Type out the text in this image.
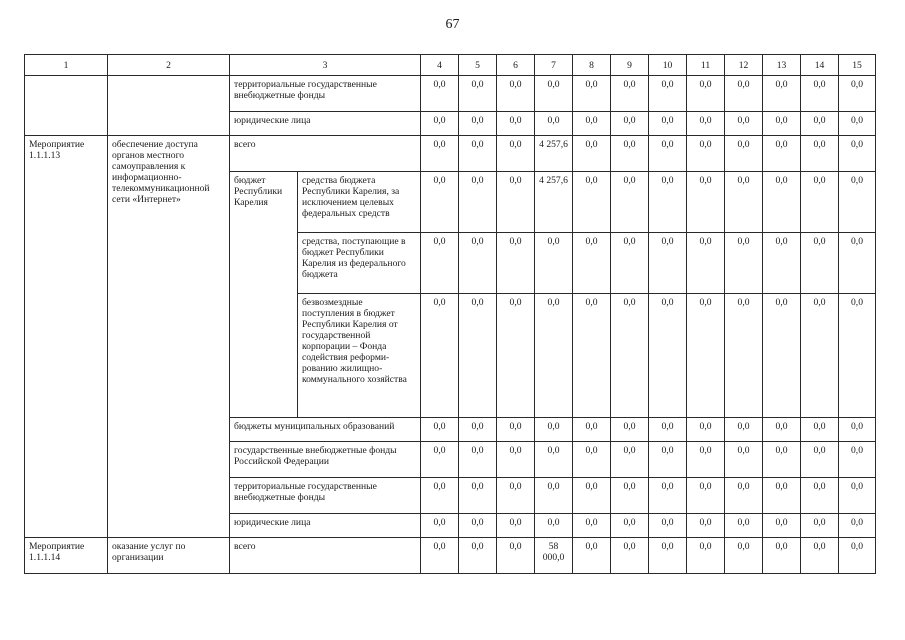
67
1	2	3		4	5	6	7	8	9	10	11	12	13	14	15
		территориальные государственные внебюджетные фонды		0,0	0,0	0,0	0,0	0,0	0,0	0,0	0,0	0,0	0,0	0,0	0,0
		юридические лица		0,0	0,0	0,0	0,0	0,0	0,0	0,0	0,0	0,0	0,0	0,0	0,0
Мероприятие 1.1.1.13	обеспечение доступа органов местного самоуправления к информационно-телекоммуникационной сети «Интернет»	всего		0,0	0,0	0,0	4 257,6	0,0	0,0	0,0	0,0	0,0	0,0	0,0	0,0
		бюджет Республики Карелия	средства бюджета Республики Карелия, за исключением целевых федеральных средств	0,0	0,0	0,0	4 257,6	0,0	0,0	0,0	0,0	0,0	0,0	0,0	0,0
			средства, поступающие в бюджет Республики Карелия из федерального бюджета	0,0	0,0	0,0	0,0	0,0	0,0	0,0	0,0	0,0	0,0	0,0	0,0
			безвозмездные поступления в бюджет Республики Карелия от государственной корпорации – Фонда содействия реформи-рованию жилищно-коммунального хозяйства	0,0	0,0	0,0	0,0	0,0	0,0	0,0	0,0	0,0	0,0	0,0	0,0
		бюджеты муниципальных образований		0,0	0,0	0,0	0,0	0,0	0,0	0,0	0,0	0,0	0,0	0,0	0,0
		государственные внебюджетные фонды Российской Федерации		0,0	0,0	0,0	0,0	0,0	0,0	0,0	0,0	0,0	0,0	0,0	0,0
		территориальные государственные внебюджетные фонды		0,0	0,0	0,0	0,0	0,0	0,0	0,0	0,0	0,0	0,0	0,0	0,0
		юридические лица		0,0	0,0	0,0	0,0	0,0	0,0	0,0	0,0	0,0	0,0	0,0	0,0
Мероприятие 1.1.1.14	оказание услуг по организации	всего		0,0	0,0	0,0	58 000,0	0,0	0,0	0,0	0,0	0,0	0,0	0,0	0,0
